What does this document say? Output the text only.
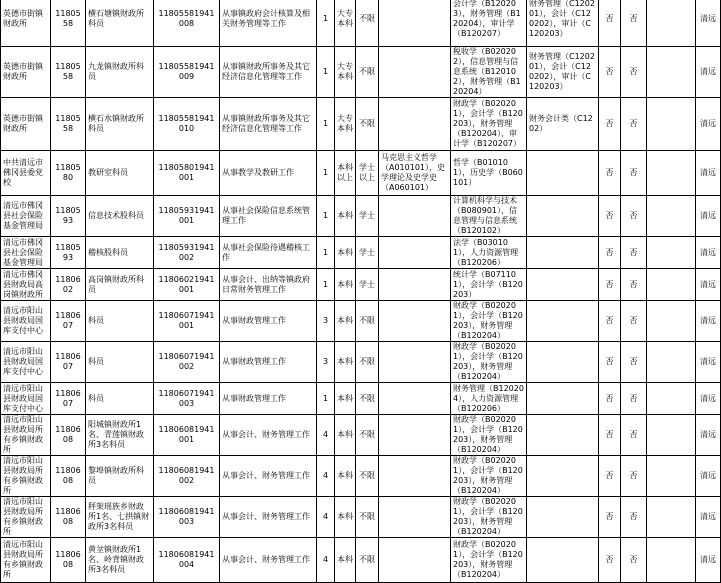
英德市街镇财政所	1180558	横石塘镇财政所科员	11805581941008	从事镇政府会计核算及相关财务管理等工作	1	大专本科	不限		会计学（B120203），财务管理（B120204），审计学（B120207）	财务管理（C120201），会计（C120202），审计（C120203）	否	否		清远
英德市街镇财政所	1180558	九龙镇财政所科员	11805581941009	从事镇财政所事务及其它经济信息化管理等工作	1	大专本科	不限		税收学（B020202），信息管理与信息系统（B120102），财务管理（B120204）	财务管理（C120201），会计（C120202），审计（C120203）	否	否		清远
英德市街镇财政所	1180558	横石水镇财政所科员	11805581941010	从事镇财政所事务及其它经济信息化管理等工作	1	大专本科	不限		财政学（B020201），会计学（B120203），财务管理（B120204），审计学（B120207）	财务会计类（C1202）	否	否		清远
中共清远市佛冈县委党校	1180580	教研室科员	11805801941001	从事教学及教研工作	1	本科以上	学士以上	马克思主义哲学（A010101），史学理论及史学史（A060101）	哲学（B010101），历史学（B060101）		否	否		清远
清远市佛冈县社会保险基金管理局	1180593	信息技术股科员	11805931941001	从事社会保险信息系统管理工作	1	本科	学士		计算机科学与技术（B080901），信息管理与信息系统（B120102）		否	否		清远
清远市佛冈县社会保险基金管理局	1180593	稽核股科员	11805931941002	从事社会保险待遇稽核工作	1	本科	学士		法学（B030101），人力资源管理（B120206）		否	否		清远
清远市佛冈县财政局高岗镇财政所	1180602	高岗镇财政所科员	11806021941001	从事会计、出纳等镇政府日常财务管理工作	1	本科	学士		统计学（B071101），会计学（B120203）		否	否		清远
清远市阳山县财政局国库支付中心	1180607	科员	11806071941001	从事财政管理工作	3	本科	不限		财政学（B020201），会计学（B120203），财务管理（B120204）		否	否		清远
清远市阳山县财政局国库支付中心	1180607	科员	11806071941002	从事财政管理工作	3	本科	不限		财政学（B020201），会计学（B120203），财务管理（B120204）		否	否		清远
清远市阳山县财政局国库支付中心	1180607	科员	11806071941003	从事财政管理工作	1	本科	不限		财务管理（B120204），人力资源管理（B120206）		否	否		清远
清远市阳山县财政局所有乡镇财政所	1180608	阳城镇财政所1名、青莲镇财政所3名科员	11806081941001	从事会计、财务管理工作	4	本科	不限		财政学（B020201），会计学（B120203），财务管理（B120204）		否	否		清远
清远市阳山县财政局所有乡镇财政所	1180608	黎埠镇财政所科员	11806081941002	从事会计、财务管理工作	4	本科	不限		财政学（B020201），会计学（B120203），财务管理（B120204）		否	否		清远
清远市阳山县财政局所有乡镇财政所	1180608	秤架瑶族乡财政所1名、七拱镇财政所3名科员	11806081941003	从事会计、财务管理工作	4	本科	不限		财政学（B020201），会计学（B120203），财务管理（B120204）		否	否		清远
清远市阳山县财政局所有乡镇财政所	1180608	黄坌镇财政所1名、岭背镇财政所3名科员	11806081941004	从事会计、财务管理工作	4	本科	不限		财政学（B020201），会计学（B120203），财务管理（B120204）		否	否		清远
